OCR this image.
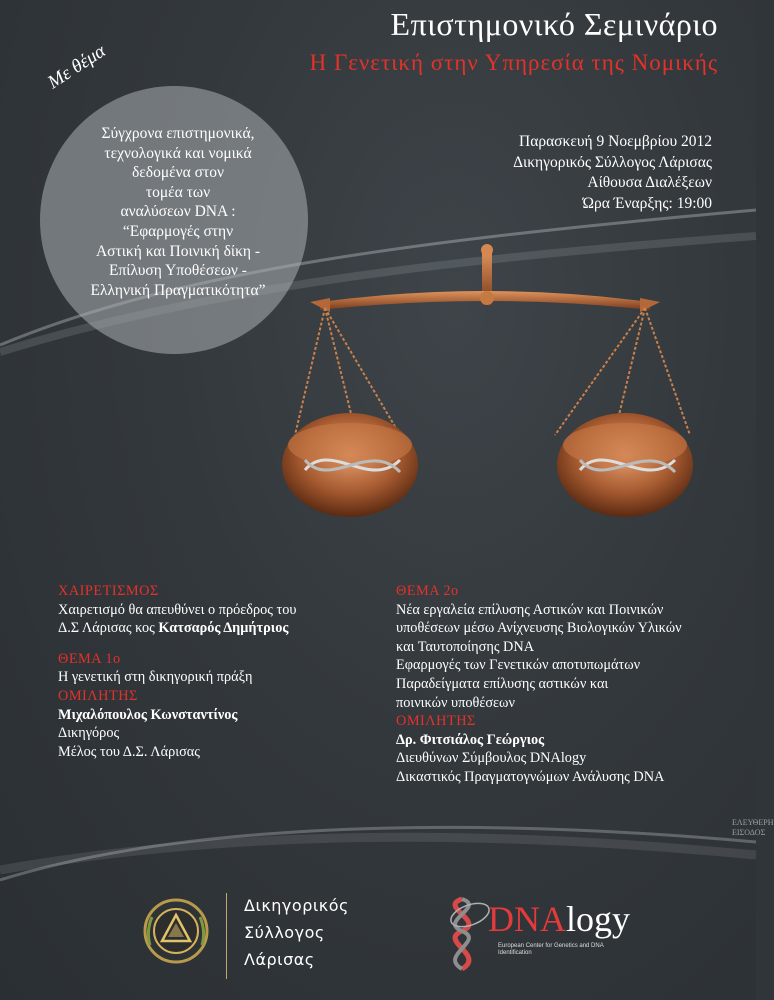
Επιστημονικό Σεμινάριο
Η Γενετική στην Υπηρεσία της Νομικής
Με θέμα
Σύγχρονα επιστημονικά,
τεχνολογικά και νομικά
δεδομένα στον
τομέα των
αναλύσεων DNA :
“Εφαρμογές στην
Αστική και Ποινική δίκη -
Επίλυση Υποθέσεων -
Ελληνική Πραγματικότητα”
Παρασκευή 9 Νοεμβρίου 2012
Δικηγορικός Σύλλογος Λάρισας
Αίθουσα Διαλέξεων
Ώρα Έναρξης: 19:00
ΧΑΙΡΕΤΙΣΜΟΣ
Χαιρετισμό θα απευθύνει ο πρόεδρος του
Δ.Σ Λάρισας κος Κατσαρός Δημήτριος
ΘΕΜΑ 1ο
Η γενετική στη δικηγορική πράξη
ΟΜΙΛΗΤΗΣ
Μιχαλόπουλος Κωνσταντίνος
Δικηγόρος
Μέλος του Δ.Σ. Λάρισας
ΘΕΜΑ 2ο
Νέα εργαλεία επίλυσης Αστικών και Ποινικών
υποθέσεων μέσω Ανίχνευσης Βιολογικών Υλικών
και Ταυτοποίησης DNA
Εφαρμογές των Γενετικών αποτυπωμάτων
Παραδείγματα επίλυσης αστικών και
ποινικών υποθέσεων
ΟΜΙΛΗΤΗΣ
Δρ. Φιτσιάλος Γεώργιος
Διευθύνων Σύμβουλος DNAlogy
Δικαστικός Πραγματογνώμων Ανάλυσης DNA
ΕΛΕΥΘΕΡΗ ΕΙΣΟΔΟΣ
Δικηγορικός
Σύλλογος
Λάρισας
DNAlogy
European Center for Genetics and DNA Identification
